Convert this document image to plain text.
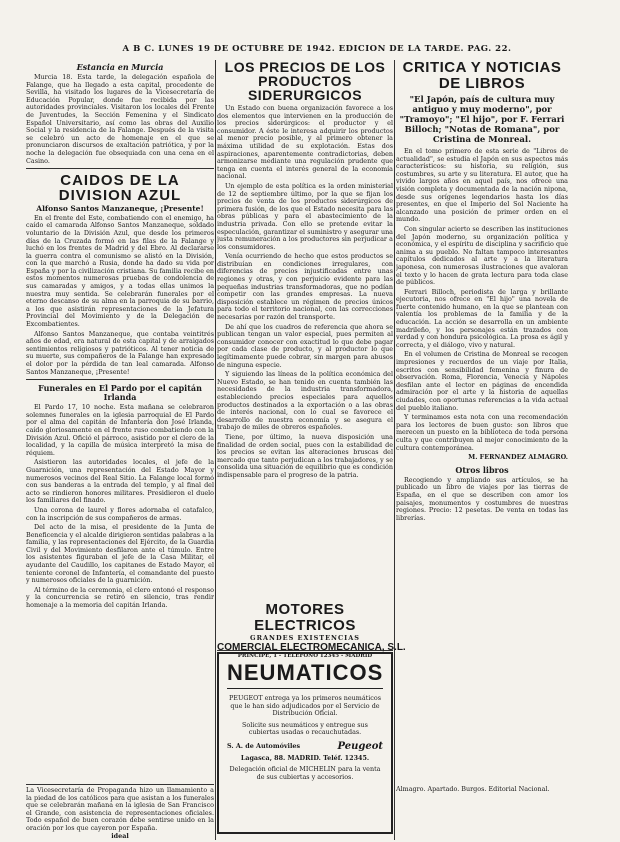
A B C. LUNES 19 DE OCTUBRE DE 1942. EDICION DE LA TARDE. PAG. 22.
Estancia en Murcia

Murcia 18. Esta tarde, la delegación española de Falange, que ha llegado a esta capital, procedente de Sevilla, ha visitado los lugares de la Vicesecretaría de Educación Popular, donde fue recibida por las autoridades provinciales. Visitaron los locales del Frente de Juventudes, la Sección Femenina y el Sindicato Español Universitario, así como las obras del Auxilio Social y la residencia de la Falange. Después de la visita se celebró un acto de homenaje en el que se pronunciaron discursos de exaltación patriótica, y por la noche la delegación fue obsequiada con una cena en el Casino.

CAIDOS DE LA DIVISION AZUL
Alfonso Santos Manzaneque, ¡Presente!

En el frente del Este, combatiendo con el enemigo, ha caído el camarada Alfonso Santos Manzaneque, soldado voluntario de la División Azul, que desde los primeros días de la Cruzada formó en las filas de la Falange y luchó en los frentes de Madrid y del Ebro. Al declararse la guerra contra el comunismo se alistó en la División, con la que marchó a Rusia, donde ha dado su vida por España y por la civilización cristiana. Su familia recibe en estos momentos numerosas pruebas de condolencia de sus camaradas y amigos, y a todas ellas unimos la nuestra muy sentida. Se celebrarán funerales por el eterno descanso de su alma en la parroquia de su barrio, a los que asistirán representaciones de la Jefatura Provincial del Movimiento y de la Delegación de Excombatientes.

Alfonso Santos Manzaneque, que contaba veintitrés años de edad, era natural de esta capital y de arraigados sentimientos religiosos y patrióticos. Al tener noticia de su muerte, sus compañeros de la Falange han expresado el dolor por la pérdida de tan leal camarada. Alfonso Santos Manzaneque, ¡Presente!

Funerales en El Pardo por el capitán Irlanda

El Pardo 17, 10 noche. Esta mañana se celebraron solemnes funerales en la iglesia parroquial de El Pardo por el alma del capitán de Infantería don José Irlanda, caído gloriosamente en el frente ruso combatiendo con la División Azul. Ofició el párroco, asistido por el clero de la localidad, y la capilla de música interpretó la misa de réquiem.

Asistieron las autoridades locales, el jefe de la Guarnición, una representación del Estado Mayor y numerosos vecinos del Real Sitio. La Falange local formó con sus banderas a la entrada del templo, y al final del acto se rindieron honores militares. Presidieron el duelo los familiares del finado.

Una corona de laurel y flores adornaba el catafalco, con la inscripción de sus compañeros de armas.

Del acto de la misa, el presidente de la Junta de Beneficencia y el alcalde dirigieron sentidas palabras a la familia, y las representaciones del Ejército, de la Guardia Civil y del Movimiento desfilaron ante el túmulo. Entre los asistentes figuraban el jefe de la Casa Militar, el ayudante del Caudillo, los capitanes de Estado Mayor, el teniente coronel de Infantería, el comandante del puesto y numerosos oficiales de la guarnición.

Al término de la ceremonia, el clero entonó el responso y la concurrencia se retiró en silencio, tras rendir homenaje a la memoria del capitán Irlanda.

La Vicesecretaría de Propaganda hizo un llamamiento a la piedad de los católicos para que asistan a los funerales que se celebrarán mañana en la iglesia de San Francisco el Grande, con asistencia de representaciones oficiales. Todo español de buen corazón debe sentirse unido en la oración por los que cayeron por España.
ideal
LOS PRECIOS DE LOS PRODUCTOS SIDERURGICOS

Un Estado con buena organización favorece a los dos elementos que intervienen en la producción de los precios siderúrgicos: el productor y el consumidor. A éste le interesa adquirir los productos al menor precio posible, y al primero obtener la máxima utilidad de su explotación. Estas dos aspiraciones, aparentemente contradictorias, deben armonizarse mediante una regulación prudente que tenga en cuenta el interés general de la economía nacional.

Un ejemplo de esta política es la orden ministerial de 12 de septiembre último, por la que se fijan los precios de venta de los productos siderúrgicos de primera fusión, de los que el Estado necesita para las obras públicas y para el abastecimiento de la industria privada. Con ello se pretende evitar la especulación, garantizar el suministro y asegurar una justa remuneración a los productores sin perjudicar a los consumidores.

Venía ocurriendo de hecho que estos productos se distribuían en condiciones irregulares, con diferencias de precios injustificadas entre unas regiones y otras, y con perjuicio evidente para las pequeñas industrias transformadoras, que no podían competir con las grandes empresas. La nueva disposición establece un régimen de precios únicos para todo el territorio nacional, con las correcciones necesarias por razón del transporte.

De ahí que los cuadros de referencia que ahora se publican tengan un valor especial, pues permiten al consumidor conocer con exactitud lo que debe pagar por cada clase de producto, y al productor lo que legítimamente puede cobrar, sin margen para abusos de ninguna especie.

Y siguiendo las líneas de la política económica del Nuevo Estado, se han tenido en cuenta también las necesidades de la industria transformadora, estableciendo precios especiales para aquellos productos destinados a la exportación o a las obras de interés nacional, con lo cual se favorece el desarrollo de nuestra economía y se asegura el trabajo de miles de obreros españoles.

Tiene, por último, la nueva disposición una finalidad de orden social, pues con la estabilidad de los precios se evitan las alteraciones bruscas del mercado que tanto perjudican a los trabajadores, y se consolida una situación de equilibrio que es condición indispensable para el progreso de la patria.

MOTORES ELECTRICOS
GRANDES EXISTENCIAS
COMERCIAL ELECTROMECANICA, S.L.
PRINCIPE, 1 - TELEFONO 12345 - MADRID
NEUMATICOS
PEUGEOT entrega ya los primeros neumáticos que le han sido adjudicados por el Servicio de Distribución Oficial.
Solicite sus neumáticos y entregue sus cubiertas usadas o recauchutadas.
S. A. de Automóviles	Peugeot
Lagasca, 88. MADRID. Teléf. 12345.
Delegación oficial de MICHELIN para la venta de sus cubiertas y accesorios.
CRITICA Y NOTICIAS DE LIBROS
"El Japón, país de cultura muy antiguo y muy moderno", por "Tramoyo"; "El hijo", por F. Ferrari Billoch; "Notas de Romana", por Cristina de Monreal.

En el tomo primero de esta serie de "Libros de actualidad", se estudia el Japón en sus aspectos más característicos: su historia, su religión, sus costumbres, su arte y su literatura. El autor, que ha vivido largos años en aquel país, nos ofrece una visión completa y documentada de la nación nipona, desde sus orígenes legendarios hasta los días presentes, en que el Imperio del Sol Naciente ha alcanzado una posición de primer orden en el mundo.

Con singular acierto se describen las instituciones del Japón moderno, su organización política y económica, y el espíritu de disciplina y sacrificio que anima a su pueblo. No faltan tampoco interesantes capítulos dedicados al arte y a la literatura japonesa, con numerosas ilustraciones que avaloran el texto y lo hacen de grata lectura para toda clase de públicos.

Ferrari Billoch, periodista de larga y brillante ejecutoria, nos ofrece en "El hijo" una novela de fuerte contenido humano, en la que se plantean con valentía los problemas de la familia y de la educación. La acción se desarrolla en un ambiente madrileño, y los personajes están trazados con verdad y con hondura psicológica. La prosa es ágil y correcta, y el diálogo, vivo y natural.

En el volumen de Cristina de Monreal se recogen impresiones y recuerdos de un viaje por Italia, escritos con sensibilidad femenina y finura de observación. Roma, Florencia, Venecia y Nápoles desfilan ante el lector en páginas de encendida admiración por el arte y la historia de aquellas ciudades, con oportunas referencias a la vida actual del pueblo italiano.

Y terminamos esta nota con una recomendación para los lectores de buen gusto: son libros que merecen un puesto en la biblioteca de toda persona culta y que contribuyen al mejor conocimiento de la cultura contemporánea.

M. FERNANDEZ ALMAGRO.
Otros libros

Recogiendo y ampliando sus artículos, se ha publicado un libro de viajes por las tierras de España, en el que se describen con amor los paisajes, monumentos y costumbres de nuestras regiones. Precio: 12 pesetas. De venta en todas las librerías.

Almagro. Apartado. Burgos. Editorial Nacional.
